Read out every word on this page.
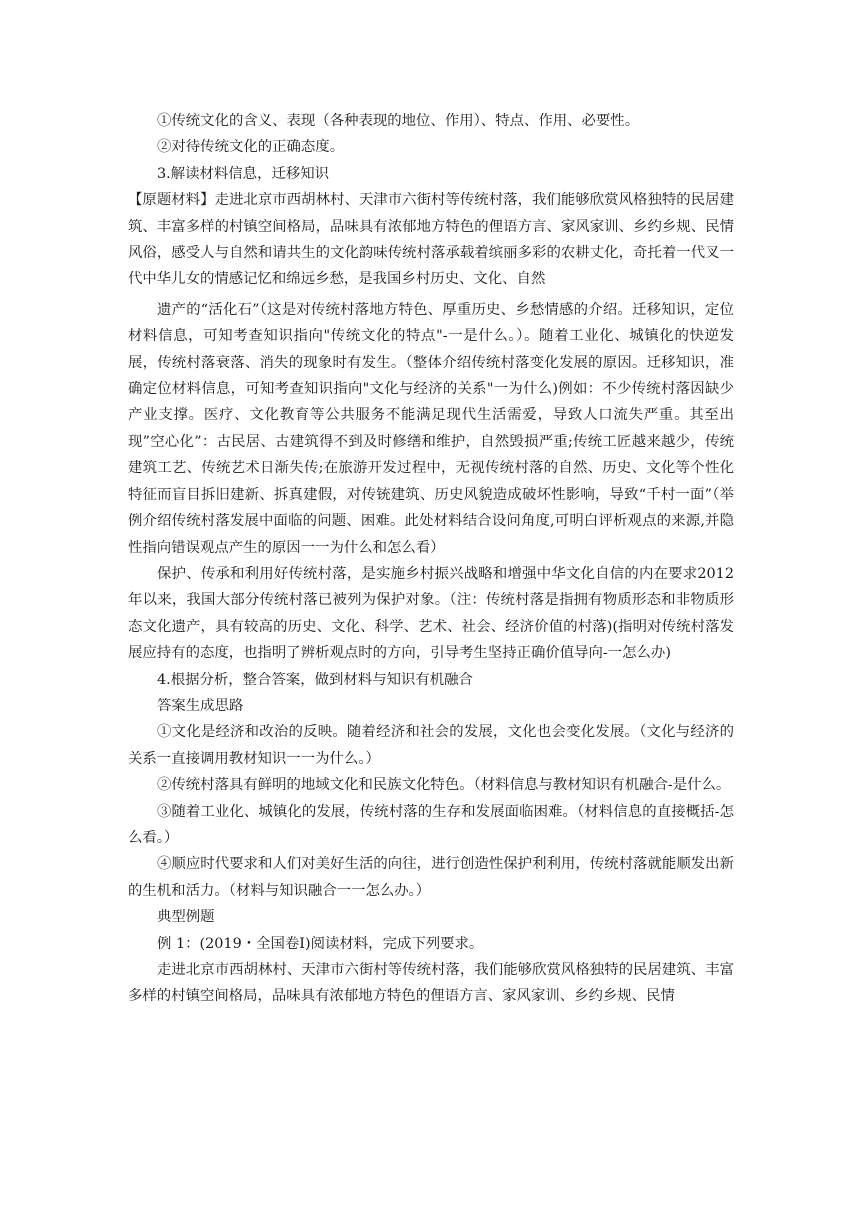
①传统文化的含义、表现（各种表现的地位、作用）、特点、作用、必要性。

②对待传统文化的正确态度。

3.解读材料信息，迁移知识

【原题材料】走进北京市西胡林村、天津市六街村等传统村落，我们能够欣赏风格独特的民居建筑、丰富多样的村镇空间格局，品味具有浓郁地方特色的俚语方言、家风家训、乡约乡规、民情风俗，感受人与自然和请共生的文化韵味传统村落承载着缤丽多彩的农耕丈化，奇托着一代叉一代中华儿女的情感记忆和绵远乡愁，是我国乡村历史、文化、自然

遗产的“活化石”（这是对传统村落地方特色、厚重历史、乡愁情感的介绍。迁移知识，定位材料信息，可知考查知识指向"传统文化的特点"-一是什么。）。随着工业化、城镇化的快逆发展，传统村落衰落、消失的现象时有发生。（整体介绍传统村落变化发展的原因。迁移知识，准确定位材料信息，可知考查知识指向"文化与经济的关系"一为什么)例如：不少传统村落因缺少产业支撑。医疗、文化教育等公共服务不能满足现代生活需爱，导致人口流失严重。其至出现”空心化”：古民居、古建筑得不到及时修缮和维护，自然毁损严重;传统工匠越来越少，传统建筑工艺、传统艺术日渐失传;在旅游开发过程中，无视传统村落的自然、历史、文化等个性化特征而盲目拆旧建新、拆真建假，对传铳建筑、历史风貌造成破坏性影响，导致“千村一面”（举例介绍传统村落发展中面临的问题、困难。此处材料结合设问角度,可明白评析观点的来源,并隐性指向错误观点产生的原因一一为什么和怎么看）

保护、传承和利用好传统村落，是实施乡村振兴战略和增强中华文化自信的内在要求2012年以来，我国大部分传统村落已被列为保护对象。（注：传统村落是指拥有物质形态和非物质形态文化遗产，具有较高的历史、文化、科学、艺术、社会、经济价值的村落)(指明对传统村落发展应持有的态度，也指明了辨析观点时的方向，引导考生坚持正确价值导向-一怎么办)

4.根据分析，整合答案，做到材料与知识有机融合

答案生成思路

①文化是经济和改治的反映。随着经济和社会的发展，文化也会变化发展。（文化与经济的关系一直接调用教材知识一一为什么。）

②传统村落具有鲜明的地域文化和民族文化特色。（材料信息与教材知识有机融合-是什么。

③随着工业化、城镇化的发展，传统村落的生存和发展面临困难。（材料信息的直接概括-怎么看。）

④顺应时代要求和人们对美好生活的向往，进行创造性保护利利用，传统村落就能顺发出新的生机和活力。（材料与知识融合一一怎么办。）

典型例题

例 1：(2019・全国卷Ⅰ)阅读材料，完成下列要求。

走进北京市西胡林村、天津市六街村等传统村落，我们能够欣赏风格独特的民居建筑、丰富多样的村镇空间格局，品味具有浓郁地方特色的俚语方言、家风家训、乡约乡规、民情
